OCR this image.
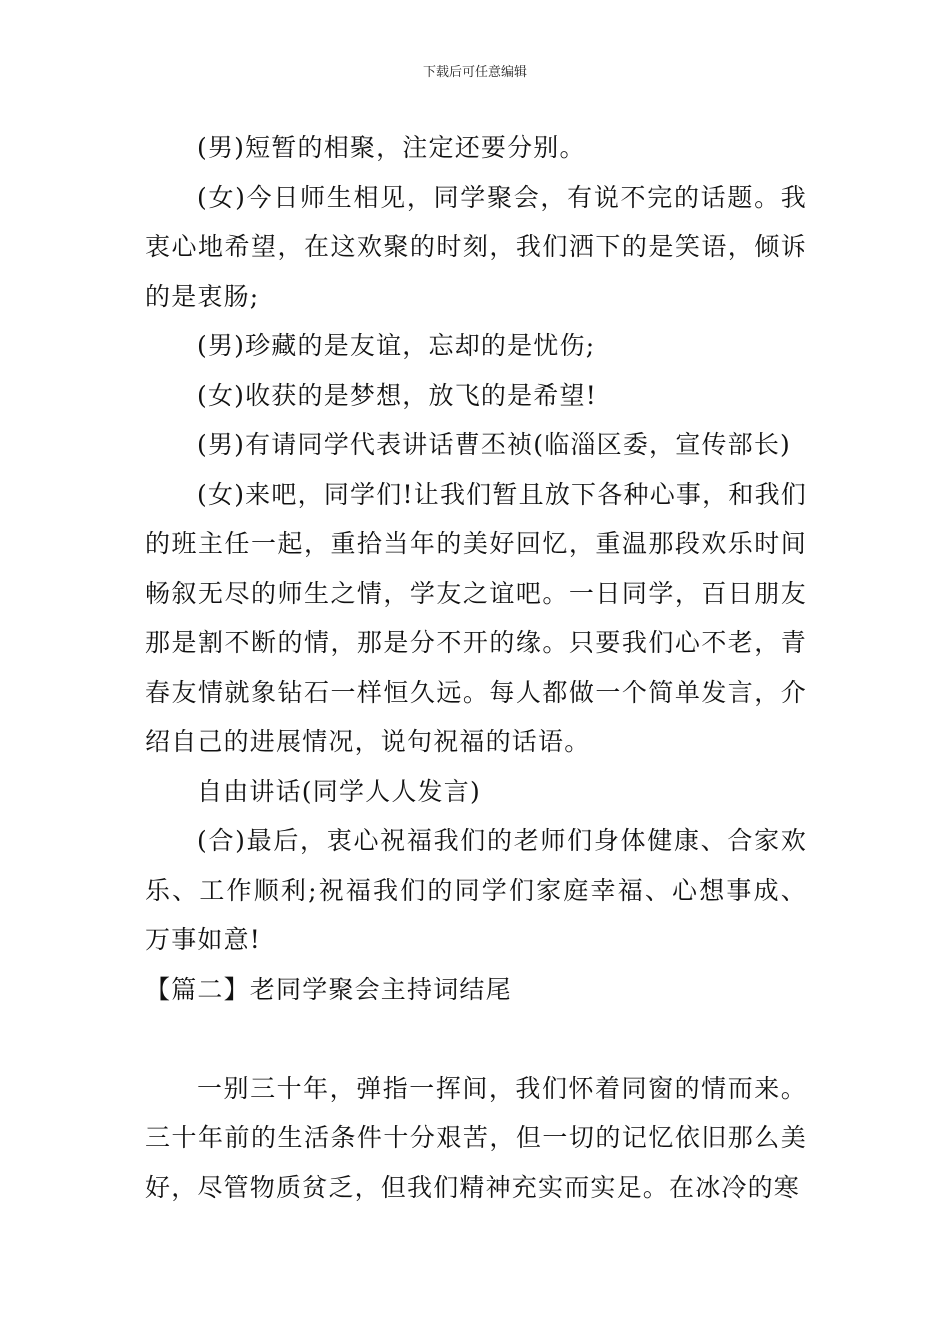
下载后可任意编辑

(男)短暂的相聚，注定还要分别。

(女)今日师生相见，同学聚会，有说不完的话题。我衷心地希望，在这欢聚的时刻，我们洒下的是笑语，倾诉的是衷肠;

(男)珍藏的是友谊，忘却的是忧伤;

(女)收获的是梦想，放飞的是希望!

(男)有请同学代表讲话曹丕祯(临淄区委，宣传部长)

(女)来吧，同学们!让我们暂且放下各种心事，和我们的班主任一起，重拾当年的美好回忆，重温那段欢乐时间畅叙无尽的师生之情，学友之谊吧。一日同学，百日朋友那是割不断的情，那是分不开的缘。只要我们心不老，青春友情就象钻石一样恒久远。每人都做一个简单发言，介绍自己的进展情况，说句祝福的话语。

自由讲话(同学人人发言)

(合)最后，衷心祝福我们的老师们身体健康、合家欢乐、工作顺利;祝福我们的同学们家庭幸福、心想事成、万事如意!

【篇二】老同学聚会主持词结尾

一别三十年，弹指一挥间，我们怀着同窗的情而来。三十年前的生活条件十分艰苦，但一切的记忆依旧那么美好，尽管物质贫乏，但我们精神充实而实足。在冰冷的寒
